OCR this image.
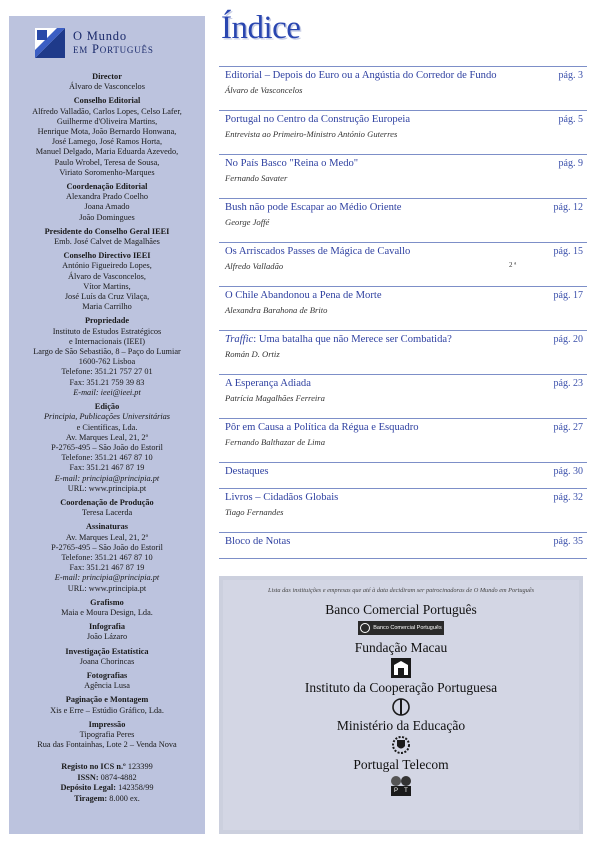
O Mundo
em Português
Director
Álvaro de Vasconcelos
Conselho Editorial
Alfredo Valladão, Carlos Lopes, Celso Lafer,
Guilherme d'Oliveira Martins,
Henrique Mota, João Bernardo Honwana,
José Lamego, José Ramos Horta,
Manuel Delgado, Maria Eduarda Azevedo,
Paulo Wrobel, Teresa de Sousa,
Viriato Soromenho-Marques
Coordenação Editorial
Alexandra Prado Coelho
Joana Amado
João Domingues
Presidente do Conselho Geral IEEI
Emb. José Calvet de Magalhães
Conselho Directivo IEEI
António Figueiredo Lopes,
Álvaro de Vasconcelos,
Vítor Martins,
José Luís da Cruz Vilaça,
Maria Carrilho
Propriedade
Instituto de Estudos Estratégicos
e Internacionais (IEEI)
Largo de São Sebastião, 8 – Paço do Lumiar
1600-762 Lisboa
Telefone: 351.21 757 27 01
Fax: 351.21 759 39 83
E-mail: ieei@ieei.pt
Edição
Principia, Publicações Universitárias
e Científicas, Lda.
Av. Marques Leal, 21, 2º
P-2765-495 – São João do Estoril
Telefone: 351.21 467 87 10
Fax: 351.21 467 87 19
E-mail: principia@principia.pt
URL: www.principia.pt
Coordenação de Produção
Teresa Lacerda
Assinaturas
Av. Marques Leal, 21, 2º
P-2765-495 – São João do Estoril
Telefone: 351.21 467 87 10
Fax: 351.21 467 87 19
E-mail: principia@principia.pt
URL: www.principia.pt
Grafismo
Maia e Moura Design, Lda.
Infografia
João Lázaro
Investigação Estatística
Joana Chorincas
Fotografias
Agência Lusa
Paginação e Montagem
Xis e Erre – Estúdio Gráfico, Lda.
Impressão
Tipografia Peres
Rua das Fontainhas, Lote 2 – Venda Nova
Registo no ICS n.º 123399
ISSN: 0874-4882
Depósito Legal: 142358/99
Tiragem: 8.000 ex.
Índice
Editorial – Depois do Euro ou a Angústia do Corredor de Fundo	pág. 3
Álvaro de Vasconcelos
Portugal no Centro da Construção Europeia	pág. 5
Entrevista ao Primeiro-Ministro António Guterres
No País Basco "Reina o Medo"	pág. 9
Fernando Savater
Bush não pode Escapar ao Médio Oriente	pág. 12
George Joffé
Os Arriscados Passes de Mágica de Cavallo	pág. 15
Alfredo Valladão	2 ª
O Chile Abandonou a Pena de Morte	pág. 17
Alexandra Barahona de Brito
Traffic: Uma batalha que não Merece ser Combatida?	pág. 20
Román D. Ortiz
A Esperança Adiada	pág. 23
Patrícia Magalhães Ferreira
Pôr em Causa a Política da Régua e Esquadro	pág. 27
Fernando Balthazar de Lima
Destaques	pág. 30
Livros – Cidadãos Globais	pág. 32
Tiago Fernandes
Bloco de Notas	pág. 35
Lista das instituições e empresas que até à data decidiram ser patrocinadoras de O Mundo em Português
Banco Comercial Português
Banco Comercial Português
Fundação Macau
Instituto da Cooperação Portuguesa
Ministério da Educação
Portugal Telecom
P	T
